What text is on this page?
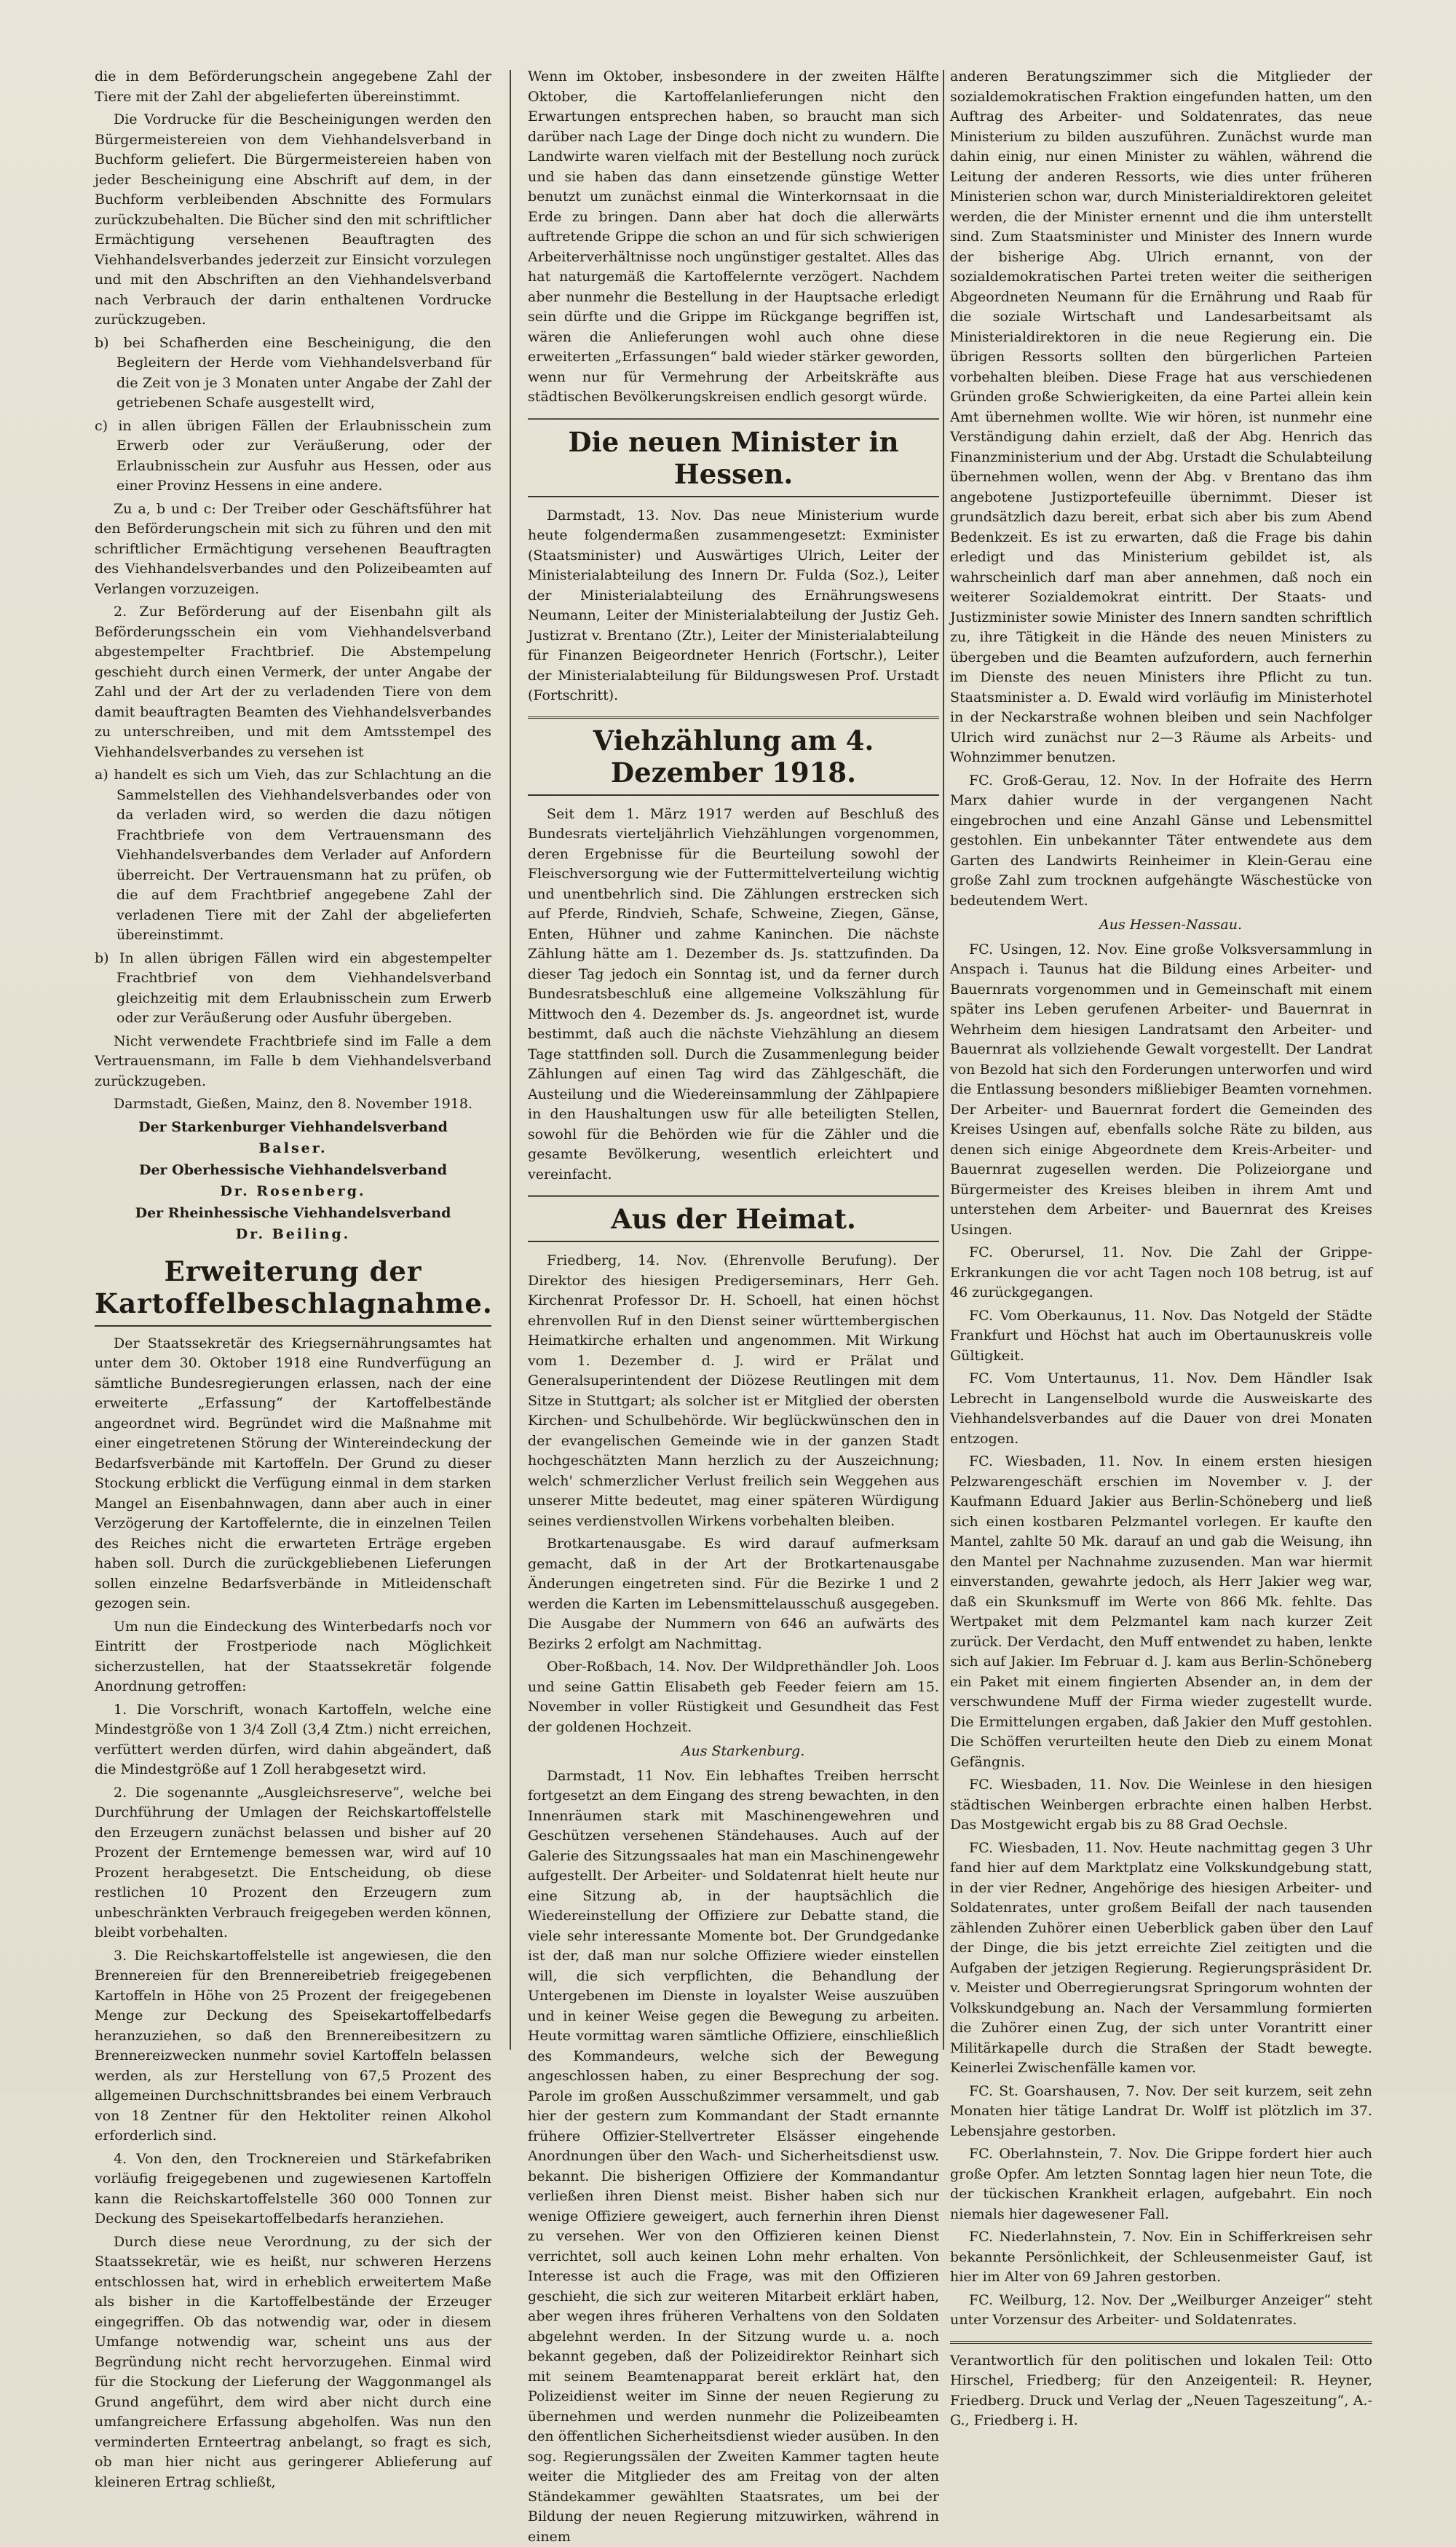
die in dem Beförderungschein angegebene Zahl der Tiere mit der Zahl der abgelieferten übereinstimmt.

Die Vordrucke für die Bescheinigungen werden den Bürgermeistereien von dem Viehhandelsverband in Buchform geliefert. Die Bürgermeistereien haben von jeder Bescheinigung eine Abschrift auf dem, in der Buchform verbleibenden Abschnitte des Formulars zurückzubehalten. Die Bücher sind den mit schriftlicher Ermächtigung versehenen Beauftragten des Viehhandelsverbandes jederzeit zur Einsicht vorzulegen und mit den Abschriften an den Viehhandelsverband nach Verbrauch der darin enthaltenen Vordrucke zurückzugeben.

b) bei Schafherden eine Bescheinigung, die den Begleitern der Herde vom Viehhandelsverband für die Zeit von je 3 Monaten unter Angabe der Zahl der getriebenen Schafe ausgestellt wird,

c) in allen übrigen Fällen der Erlaubnisschein zum Erwerb oder zur Veräußerung, oder der Erlaubnisschein zur Ausfuhr aus Hessen, oder aus einer Provinz Hessens in eine andere.

Zu a, b und c: Der Treiber oder Geschäftsführer hat den Beförderungschein mit sich zu führen und den mit schriftlicher Ermächtigung versehenen Beauftragten des Viehhandelsverbandes und den Polizeibeamten auf Verlangen vorzuzeigen.

2. Zur Beförderung auf der Eisenbahn gilt als Beförderungsschein ein vom Viehhandelsverband abgestempelter Frachtbrief. Die Abstempelung geschieht durch einen Vermerk, der unter Angabe der Zahl und der Art der zu verladenden Tiere von dem damit beauftragten Beamten des Viehhandelsverbandes zu unterschreiben, und mit dem Amtsstempel des Viehhandelsverbandes zu versehen ist

a) handelt es sich um Vieh, das zur Schlachtung an die Sammelstellen des Viehhandelsverbandes oder von da verladen wird, so werden die dazu nötigen Frachtbriefe von dem Vertrauensmann des Viehhandelsverbandes dem Verlader auf Anfordern überreicht. Der Vertrauensmann hat zu prüfen, ob die auf dem Frachtbrief angegebene Zahl der verladenen Tiere mit der Zahl der abgelieferten übereinstimmt.

b) In allen übrigen Fällen wird ein abgestempelter Frachtbrief von dem Viehhandelsverband gleichzeitig mit dem Erlaubnisschein zum Erwerb oder zur Veräußerung oder Ausfuhr übergeben.

Nicht verwendete Frachtbriefe sind im Falle a dem Vertrauensmann, im Falle b dem Viehhandelsverband zurückzugeben.

Darmstadt, Gießen, Mainz, den 8. November 1918.

Der Starkenburger Viehhandelsverband

Balser.

Der Oberhessische Viehhandelsverband

Dr. Rosenberg.

Der Rheinhessische Viehhandelsverband

Dr. Beiling.

Erweiterung der Kartoffelbeschlagnahme.

Der Staatssekretär des Kriegsernährungsamtes hat unter dem 30. Oktober 1918 eine Rundverfügung an sämtliche Bundesregierungen erlassen, nach der eine erweiterte „Erfassung“ der Kartoffelbestände angeordnet wird. Begründet wird die Maßnahme mit einer eingetretenen Störung der Wintereindeckung der Bedarfsverbände mit Kartoffeln. Der Grund zu dieser Stockung erblickt die Verfügung einmal in dem starken Mangel an Eisenbahnwagen, dann aber auch in einer Verzögerung der Kartoffelernte, die in einzelnen Teilen des Reiches nicht die erwarteten Erträge ergeben haben soll. Durch die zurückgebliebenen Lieferungen sollen einzelne Bedarfsverbände in Mitleidenschaft gezogen sein.

Um nun die Eindeckung des Winterbedarfs noch vor Eintritt der Frostperiode nach Möglichkeit sicherzustellen, hat der Staatssekretär folgende Anordnung getroffen:

1. Die Vorschrift, wonach Kartoffeln, welche eine Mindestgröße von 1 3/4 Zoll (3,4 Ztm.) nicht erreichen, verfüttert werden dürfen, wird dahin abgeändert, daß die Mindestgröße auf 1 Zoll herabgesetzt wird.

2. Die sogenannte „Ausgleichsreserve“, welche bei Durchführung der Umlagen der Reichskartoffelstelle den Erzeugern zunächst belassen und bisher auf 20 Prozent der Erntemenge bemessen war, wird auf 10 Prozent herabgesetzt. Die Entscheidung, ob diese restlichen 10 Prozent den Erzeugern zum unbeschränkten Verbrauch freigegeben werden können, bleibt vorbehalten.

3. Die Reichskartoffelstelle ist angewiesen, die den Brennereien für den Brennereibetrieb freigegebenen Kartoffeln in Höhe von 25 Prozent der freigegebenen Menge zur Deckung des Speisekartoffelbedarfs heranzuziehen, so daß den Brennereibesitzern zu Brennereizwecken nunmehr soviel Kartoffeln belassen werden, als zur Herstellung von 67,5 Prozent des allgemeinen Durchschnittsbrandes bei einem Verbrauch von 18 Zentner für den Hektoliter reinen Alkohol erforderlich sind.

4. Von den, den Trocknereien und Stärkefabriken vorläufig freigegebenen und zugewiesenen Kartoffeln kann die Reichskartoffelstelle 360 000 Tonnen zur Deckung des Speisekartoffelbedarfs heranziehen.

Durch diese neue Verordnung, zu der sich der Staatssekretär, wie es heißt, nur schweren Herzens entschlossen hat, wird in erheblich erweitertem Maße als bisher in die Kartoffelbestände der Erzeuger eingegriffen. Ob das notwendig war, oder in diesem Umfange notwendig war, scheint uns aus der Begründung nicht recht hervorzugehen. Einmal wird für die Stockung der Lieferung der Waggonmangel als Grund angeführt, dem wird aber nicht durch eine umfangreichere Erfassung abgeholfen. Was nun den verminderten Ernteertrag anbelangt, so fragt es sich, ob man hier nicht aus geringerer Ablieferung auf kleineren Ertrag schließt,

Wenn im Oktober, insbesondere in der zweiten Hälfte Oktober, die Kartoffelanlieferungen nicht den Erwartungen entsprechen haben, so braucht man sich darüber nach Lage der Dinge doch nicht zu wundern. Die Landwirte waren vielfach mit der Bestellung noch zurück und sie haben das dann einsetzende günstige Wetter benutzt um zunächst einmal die Winterkornsaat in die Erde zu bringen. Dann aber hat doch die allerwärts auftretende Grippe die schon an und für sich schwierigen Arbeiterverhältnisse noch ungünstiger gestaltet. Alles das hat naturgemäß die Kartoffelernte verzögert. Nachdem aber nunmehr die Bestellung in der Hauptsache erledigt sein dürfte und die Grippe im Rückgange begriffen ist, wären die Anlieferungen wohl auch ohne diese erweiterten „Erfassungen“ bald wieder stärker geworden, wenn nur für Vermehrung der Arbeitskräfte aus städtischen Bevölkerungskreisen endlich gesorgt würde.

Die neuen Minister in Hessen.

Darmstadt, 13. Nov. Das neue Ministerium wurde heute folgendermaßen zusammengesetzt: Exminister (Staatsminister) und Auswärtiges Ulrich, Leiter der Ministerialabteilung des Innern Dr. Fulda (Soz.), Leiter der Ministerialabteilung des Ernährungswesens Neumann, Leiter der Ministerialabteilung der Justiz Geh. Justizrat v. Brentano (Ztr.), Leiter der Ministerialabteilung für Finanzen Beigeordneter Henrich (Fortschr.), Leiter der Ministerialabteilung für Bildungswesen Prof. Urstadt (Fortschritt).

Viehzählung am 4. Dezember 1918.

Seit dem 1. März 1917 werden auf Beschluß des Bundesrats vierteljährlich Viehzählungen vorgenommen, deren Ergebnisse für die Beurteilung sowohl der Fleischversorgung wie der Futtermittelverteilung wichtig und unentbehrlich sind. Die Zählungen erstrecken sich auf Pferde, Rindvieh, Schafe, Schweine, Ziegen, Gänse, Enten, Hühner und zahme Kaninchen. Die nächste Zählung hätte am 1. Dezember ds. Js. stattzufinden. Da dieser Tag jedoch ein Sonntag ist, und da ferner durch Bundesratsbeschluß eine allgemeine Volkszählung für Mittwoch den 4. Dezember ds. Js. angeordnet ist, wurde bestimmt, daß auch die nächste Viehzählung an diesem Tage stattfinden soll. Durch die Zusammenlegung beider Zählungen auf einen Tag wird das Zählgeschäft, die Austeilung und die Wiedereinsammlung der Zählpapiere in den Haushaltungen usw für alle beteiligten Stellen, sowohl für die Behörden wie für die Zähler und die gesamte Bevölkerung, wesentlich erleichtert und vereinfacht.

Aus der Heimat.

Friedberg, 14. Nov. (Ehrenvolle Berufung). Der Direktor des hiesigen Predigerseminars, Herr Geh. Kirchenrat Professor Dr. H. Schoell, hat einen höchst ehrenvollen Ruf in den Dienst seiner württembergischen Heimatkirche erhalten und angenommen. Mit Wirkung vom 1. Dezember d. J. wird er Prälat und Generalsuperintendent der Diözese Reutlingen mit dem Sitze in Stuttgart; als solcher ist er Mitglied der obersten Kirchen- und Schulbehörde. Wir beglückwünschen den in der evangelischen Gemeinde wie in der ganzen Stadt hochgeschätzten Mann herzlich zu der Auszeichnung; welch' schmerzlicher Verlust freilich sein Weggehen aus unserer Mitte bedeutet, mag einer späteren Würdigung seines verdienstvollen Wirkens vorbehalten bleiben.

Brotkartenausgabe. Es wird darauf aufmerksam gemacht, daß in der Art der Brotkartenausgabe Änderungen eingetreten sind. Für die Bezirke 1 und 2 werden die Karten im Lebensmittelausschuß ausgegeben. Die Ausgabe der Nummern von 646 an aufwärts des Bezirks 2 erfolgt am Nachmittag.

Ober-Roßbach, 14. Nov. Der Wildprethändler Joh. Loos und seine Gattin Elisabeth geb Feeder feiern am 15. November in voller Rüstigkeit und Gesundheit das Fest der goldenen Hochzeit.

Aus Starkenburg.

Darmstadt, 11 Nov. Ein lebhaftes Treiben herrscht fortgesetzt an dem Eingang des streng bewachten, in den Innenräumen stark mit Maschinengewehren und Geschützen versehenen Ständehauses. Auch auf der Galerie des Sitzungssaales hat man ein Maschinengewehr aufgestellt. Der Arbeiter- und Soldatenrat hielt heute nur eine Sitzung ab, in der hauptsächlich die Wiedereinstellung der Offiziere zur Debatte stand, die viele sehr interessante Momente bot. Der Grundgedanke ist der, daß man nur solche Offiziere wieder einstellen will, die sich verpflichten, die Behandlung der Untergebenen im Dienste in loyalster Weise auszuüben und in keiner Weise gegen die Bewegung zu arbeiten. Heute vormittag waren sämtliche Offiziere, einschließlich des Kommandeurs, welche sich der Bewegung angeschlossen haben, zu einer Besprechung der sog. Parole im großen Ausschußzimmer versammelt, und gab hier der gestern zum Kommandant der Stadt ernannte frühere Offizier-Stellvertreter Elsässer eingehende Anordnungen über den Wach- und Sicherheitsdienst usw. bekannt. Die bisherigen Offiziere der Kommandantur verließen ihren Dienst meist. Bisher haben sich nur wenige Offiziere geweigert, auch fernerhin ihren Dienst zu versehen. Wer von den Offizieren keinen Dienst verrichtet, soll auch keinen Lohn mehr erhalten. Von Interesse ist auch die Frage, was mit den Offizieren geschieht, die sich zur weiteren Mitarbeit erklärt haben, aber wegen ihres früheren Verhaltens von den Soldaten abgelehnt werden. In der Sitzung wurde u. a. noch bekannt gegeben, daß der Polizeidirektor Reinhart sich mit seinem Beamtenapparat bereit erklärt hat, den Polizeidienst weiter im Sinne der neuen Regierung zu übernehmen und werden nunmehr die Polizeibeamten den öffentlichen Sicherheitsdienst wieder ausüben. In den sog. Regierungssälen der Zweiten Kammer tagten heute weiter die Mitglieder des am Freitag von der alten Ständekammer gewählten Staatsrates, um bei der Bildung der neuen Regierung mitzuwirken, während in einem

anderen Beratungszimmer sich die Mitglieder der sozialdemokratischen Fraktion eingefunden hatten, um den Auftrag des Arbeiter- und Soldatenrates, das neue Ministerium zu bilden auszuführen. Zunächst wurde man dahin einig, nur einen Minister zu wählen, während die Leitung der anderen Ressorts, wie dies unter früheren Ministerien schon war, durch Ministerialdirektoren geleitet werden, die der Minister ernennt und die ihm unterstellt sind. Zum Staatsminister und Minister des Innern wurde der bisherige Abg. Ulrich ernannt, von der sozialdemokratischen Partei treten weiter die seitherigen Abgeordneten Neumann für die Ernährung und Raab für die soziale Wirtschaft und Landesarbeitsamt als Ministerialdirektoren in die neue Regierung ein. Die übrigen Ressorts sollten den bürgerlichen Parteien vorbehalten bleiben. Diese Frage hat aus verschiedenen Gründen große Schwierigkeiten, da eine Partei allein kein Amt übernehmen wollte. Wie wir hören, ist nunmehr eine Verständigung dahin erzielt, daß der Abg. Henrich das Finanzministerium und der Abg. Urstadt die Schulabteilung übernehmen wollen, wenn der Abg. v Brentano das ihm angebotene Justizportefeuille übernimmt. Dieser ist grundsätzlich dazu bereit, erbat sich aber bis zum Abend Bedenkzeit. Es ist zu erwarten, daß die Frage bis dahin erledigt und das Ministerium gebildet ist, als wahrscheinlich darf man aber annehmen, daß noch ein weiterer Sozialdemokrat eintritt. Der Staats- und Justizminister sowie Minister des Innern sandten schriftlich zu, ihre Tätigkeit in die Hände des neuen Ministers zu übergeben und die Beamten aufzufordern, auch fernerhin im Dienste des neuen Ministers ihre Pflicht zu tun. Staatsminister a. D. Ewald wird vorläufig im Ministerhotel in der Neckarstraße wohnen bleiben und sein Nachfolger Ulrich wird zunächst nur 2—3 Räume als Arbeits- und Wohnzimmer benutzen.

FC. Groß-Gerau, 12. Nov. In der Hofraite des Herrn Marx dahier wurde in der vergangenen Nacht eingebrochen und eine Anzahl Gänse und Lebensmittel gestohlen. Ein unbekannter Täter entwendete aus dem Garten des Landwirts Reinheimer in Klein-Gerau eine große Zahl zum trocknen aufgehängte Wäschestücke von bedeutendem Wert.

Aus Hessen-Nassau.

FC. Usingen, 12. Nov. Eine große Volksversammlung in Anspach i. Taunus hat die Bildung eines Arbeiter- und Bauernrats vorgenommen und in Gemeinschaft mit einem später ins Leben gerufenen Arbeiter- und Bauernrat in Wehrheim dem hiesigen Landratsamt den Arbeiter- und Bauernrat als vollziehende Gewalt vorgestellt. Der Landrat von Bezold hat sich den Forderungen unterworfen und wird die Entlassung besonders mißliebiger Beamten vornehmen. Der Arbeiter- und Bauernrat fordert die Gemeinden des Kreises Usingen auf, ebenfalls solche Räte zu bilden, aus denen sich einige Abgeordnete dem Kreis-Arbeiter- und Bauernrat zugesellen werden. Die Polizeiorgane und Bürgermeister des Kreises bleiben in ihrem Amt und unterstehen dem Arbeiter- und Bauernrat des Kreises Usingen.

FC. Oberursel, 11. Nov. Die Zahl der Grippe-Erkrankungen die vor acht Tagen noch 108 betrug, ist auf 46 zurückgegangen.

FC. Vom Oberkaunus, 11. Nov. Das Notgeld der Städte Frankfurt und Höchst hat auch im Obertaunuskreis volle Gültigkeit.

FC. Vom Untertaunus, 11. Nov. Dem Händler Isak Lebrecht in Langenselbold wurde die Ausweiskarte des Viehhandelsverbandes auf die Dauer von drei Monaten entzogen.

FC. Wiesbaden, 11. Nov. In einem ersten hiesigen Pelzwarengeschäft erschien im November v. J. der Kaufmann Eduard Jakier aus Berlin-Schöneberg und ließ sich einen kostbaren Pelzmantel vorlegen. Er kaufte den Mantel, zahlte 50 Mk. darauf an und gab die Weisung, ihn den Mantel per Nachnahme zuzusenden. Man war hiermit einverstanden, gewahrte jedoch, als Herr Jakier weg war, daß ein Skunksmuff im Werte von 866 Mk. fehlte. Das Wertpaket mit dem Pelzmantel kam nach kurzer Zeit zurück. Der Verdacht, den Muff entwendet zu haben, lenkte sich auf Jakier. Im Februar d. J. kam aus Berlin-Schöneberg ein Paket mit einem fingierten Absender an, in dem der verschwundene Muff der Firma wieder zugestellt wurde. Die Ermittelungen ergaben, daß Jakier den Muff gestohlen. Die Schöffen verurteilten heute den Dieb zu einem Monat Gefängnis.

FC. Wiesbaden, 11. Nov. Die Weinlese in den hiesigen städtischen Weinbergen erbrachte einen halben Herbst. Das Mostgewicht ergab bis zu 88 Grad Oechsle.

FC. Wiesbaden, 11. Nov. Heute nachmittag gegen 3 Uhr fand hier auf dem Marktplatz eine Volkskundgebung statt, in der vier Redner, Angehörige des hiesigen Arbeiter- und Soldatenrates, unter großem Beifall der nach tausenden zählenden Zuhörer einen Ueberblick gaben über den Lauf der Dinge, die bis jetzt erreichte Ziel zeitigten und die Aufgaben der jetzigen Regierung. Regierungspräsident Dr. v. Meister und Oberregierungsrat Springorum wohnten der Volkskundgebung an. Nach der Versammlung formierten die Zuhörer einen Zug, der sich unter Vorantritt einer Militärkapelle durch die Straßen der Stadt bewegte. Keinerlei Zwischenfälle kamen vor.

FC. St. Goarshausen, 7. Nov. Der seit kurzem, seit zehn Monaten hier tätige Landrat Dr. Wolff ist plötzlich im 37. Lebensjahre gestorben.

FC. Oberlahnstein, 7. Nov. Die Grippe fordert hier auch große Opfer. Am letzten Sonntag lagen hier neun Tote, die der tückischen Krankheit erlagen, aufgebahrt. Ein noch niemals hier dagewesener Fall.

FC. Niederlahnstein, 7. Nov. Ein in Schifferkreisen sehr bekannte Persönlichkeit, der Schleusenmeister Gauf, ist hier im Alter von 69 Jahren gestorben.

FC. Weilburg, 12. Nov. Der „Weilburger Anzeiger“ steht unter Vorzensur des Arbeiter- und Soldatenrates.

Verantwortlich für den politischen und lokalen Teil: Otto Hirschel, Friedberg; für den Anzeigenteil: R. Heyner, Friedberg. Druck und Verlag der „Neuen Tageszeitung“, A.-G., Friedberg i. H.
